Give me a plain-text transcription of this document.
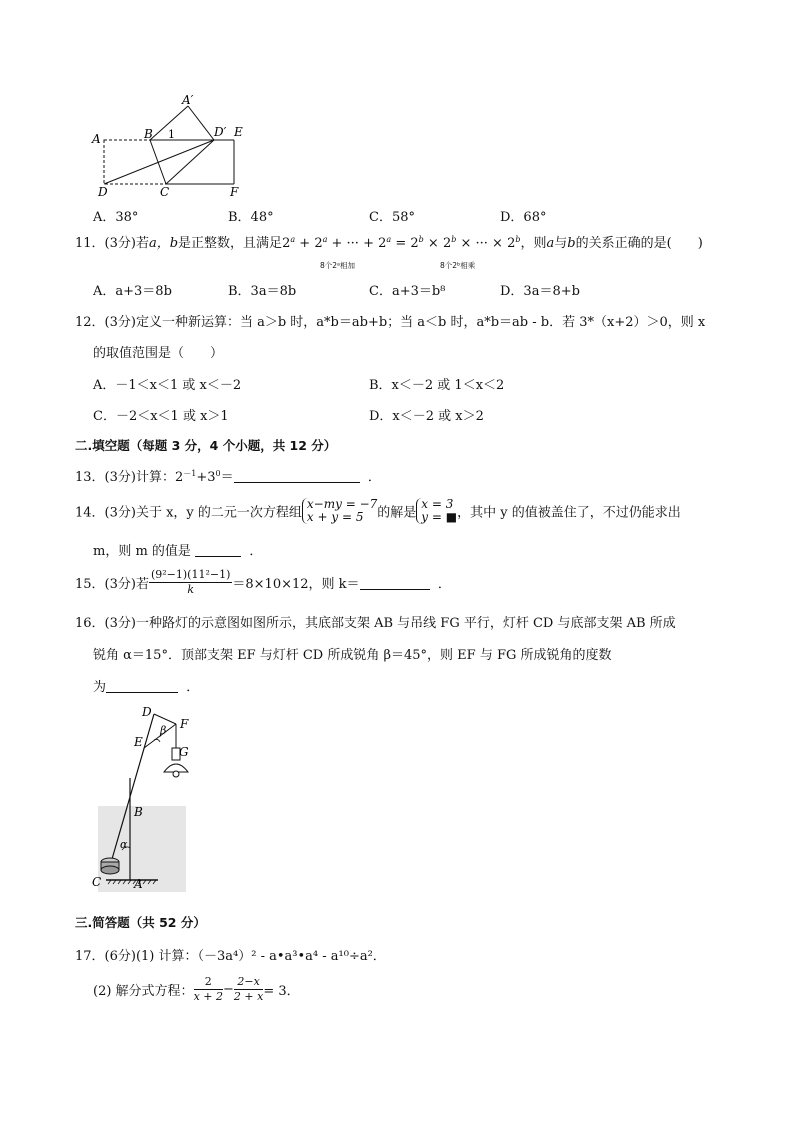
A′
A	B 1	D′ E
D	C	F
A．38°	B．48°	C．58°	D．68°
11．(3分)若a，b是正整数，且满足$2^a + 2^a$ + ··· + $2^a = 2^b \times 2^b$ × ··· × $2^b$，则a与b的关系正确的是(　　)
8个2ᵃ相加	8个2ᵇ相乘
A．a+3＝8b	B．3a＝8b	C．a+3＝b⁸	D．3a＝8+b
12．(3分)定义一种新运算：当 a＞b 时，a*b＝ab+b；当 a＜b 时，a*b＝ab - b．若 3*（x+2）＞0，则 x
的取值范围是（　　）
A．－1＜x＜1 或 x＜－2	B．x＜－2 或 1＜x＜2
C．－2＜x＜1 或 x＞1	D．x＜－2 或 x＞2
二.填空题（每题 3 分，4 个小题，共 12 分）
13．(3分)计算：$2^{-1}+3^0=$	．
14．(3分)关于 x，y 的二元一次方程组
x−my = −7
x + y = 5	的解是
x = 3
y = ■ ，其中 y 的值被盖住了，不过仍能求出
m，则 m 的值是	．
15．(3分)若 $\frac{\text{(9²−1)(11²−1)}}{k} =8\times 10\times 12$，则 k＝	．
16．(3分)一种路灯的示意图如图所示，其底部支架 AB 与吊线 FG 平行，灯杆 CD 与底部支架 AB 所成
锐角 α＝15°．顶部支架 EF 与灯杆 CD 所成锐角 β＝45°，则 EF 与 FG 所成锐角的度数
为	．
D
F
E
β
G
B
α
C	A
三.简答题（共 52 分）
17．(6分)(1) 计算：（－3a⁴）² - a•a³•a⁴ - a¹⁰÷a²．
(2) 解分式方程： $\frac{2}{x + 2} - \frac{2-x}{2 + x} = 3$．
